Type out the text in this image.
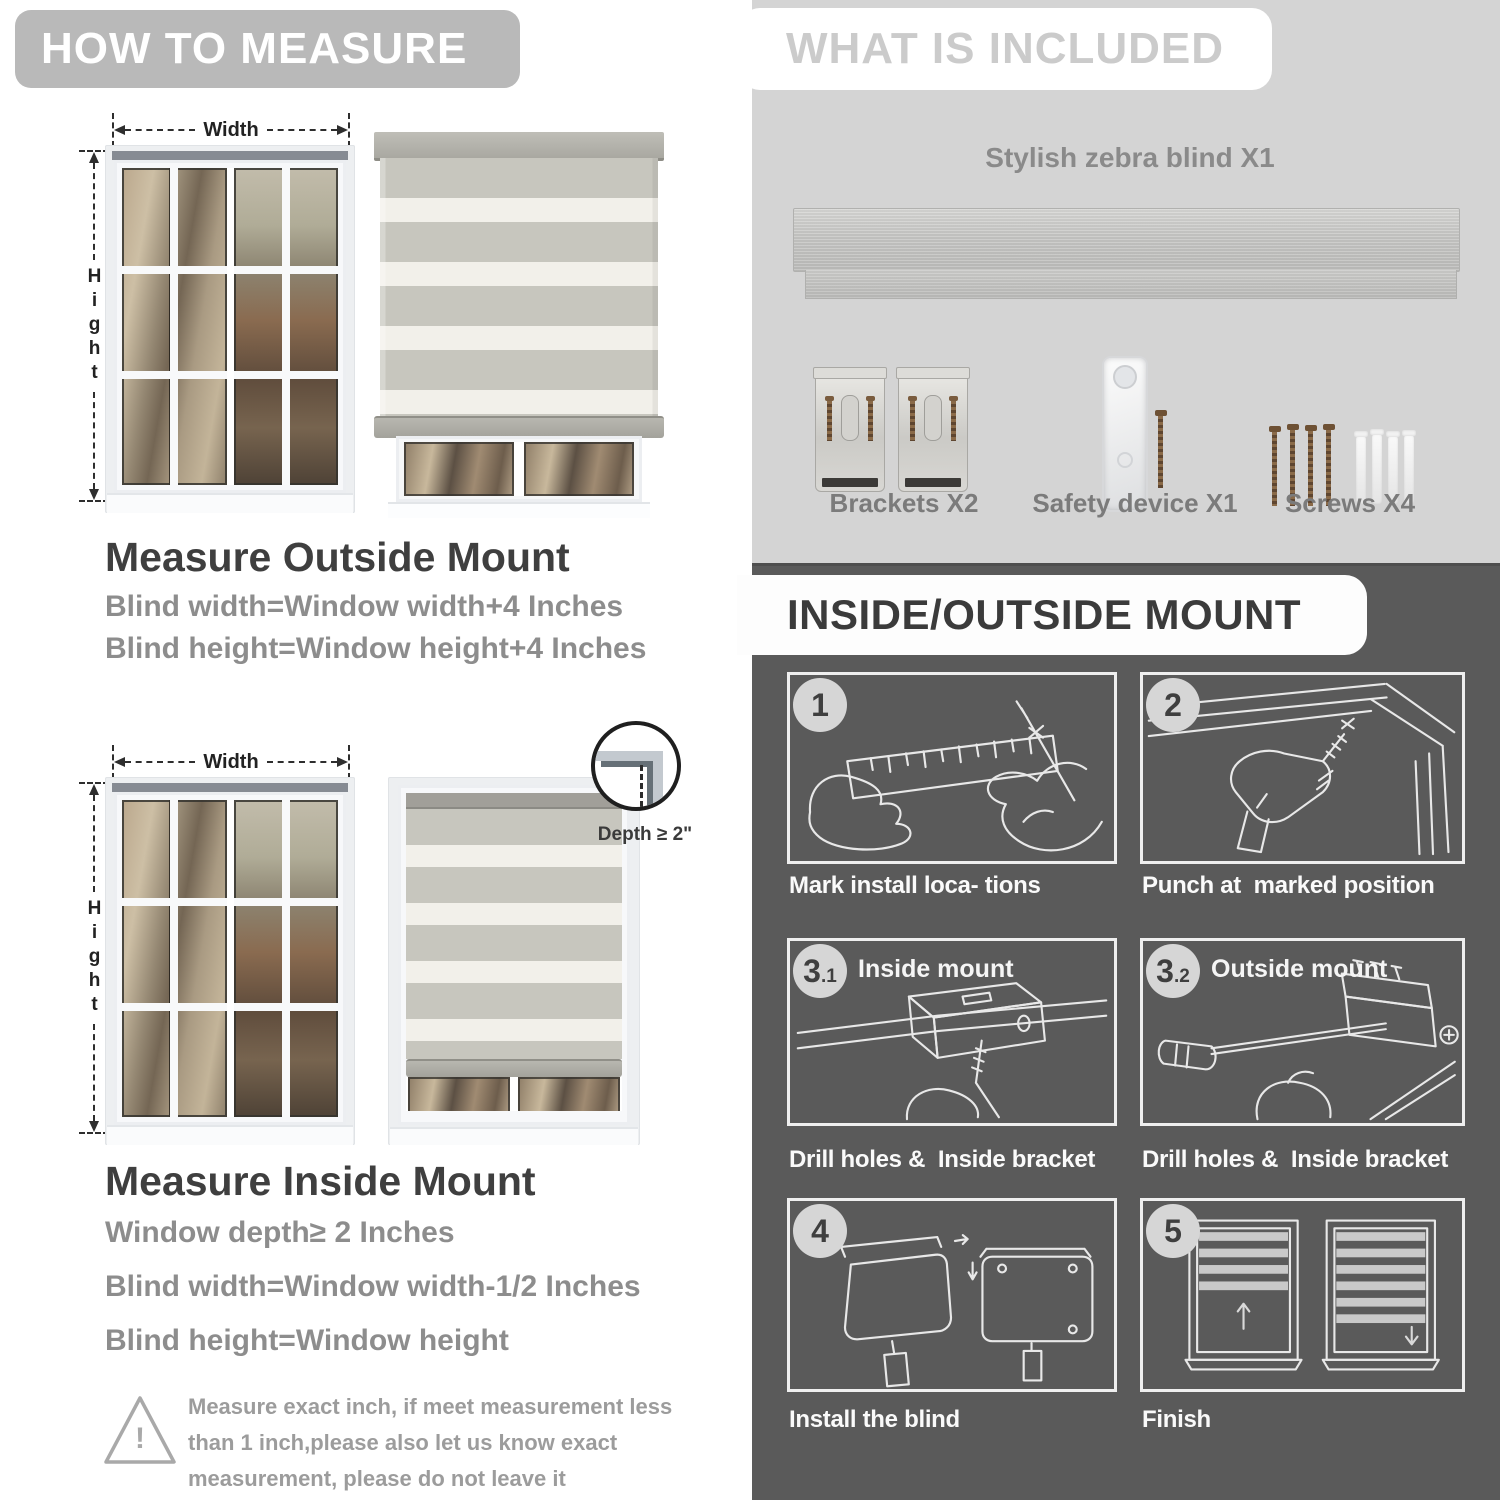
HOW TO MEASURE
Width
Hight
Measure Outside Mount
Blind width=Window width+4 Inches
Blind height=Window height+4 Inches
Width
Hight
Depth ≥ 2"
Measure Inside Mount
Window depth≥ 2 Inches
Blind width=Window width-1/2 Inches
Blind height=Window height
!
Measure exact inch, if meet measurement less
than 1 inch,please also let us know exact
measurement, please do not leave it
WHAT IS INCLUDED
Stylish zebra blind X1
Brackets X2	Safety device X1	Screws X4
INSIDE/OUTSIDE MOUNT
1
Mark install loca- tions
2
Punch at  marked position
3 .1 Inside mount
Drill holes &  Inside bracket
3 .2 Outside mount
Drill holes &  Inside bracket
4
Install the blind
5
Finish
